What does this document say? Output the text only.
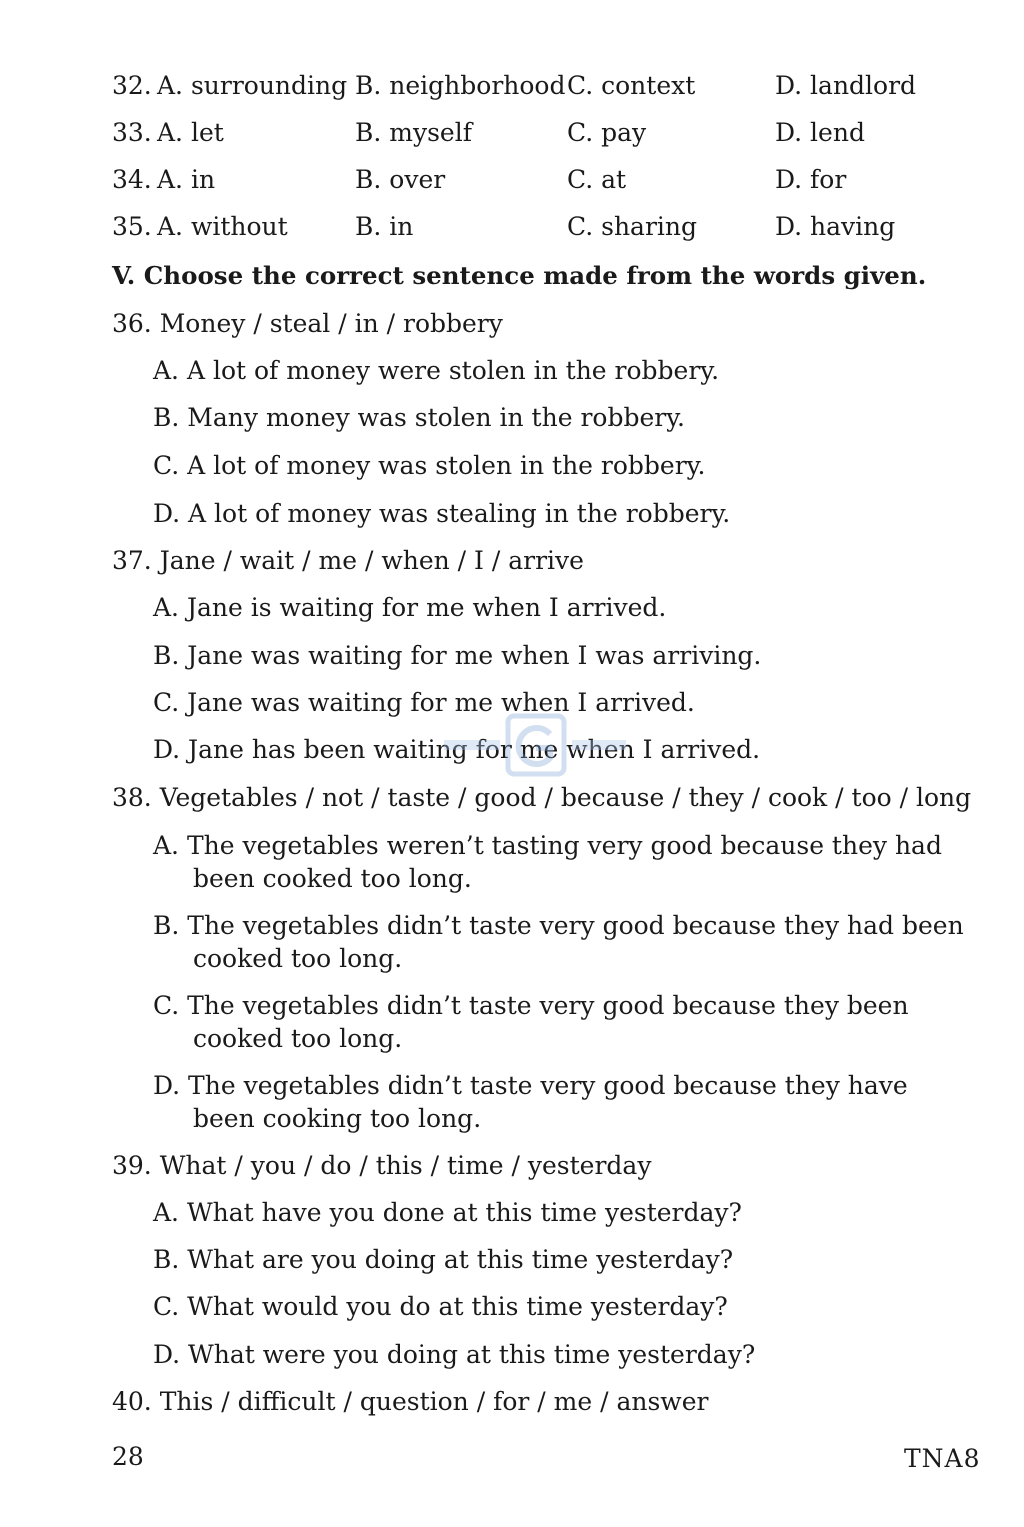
32. A. surrounding B. neighborhood C. context	D. landlord
33. A. let	B. myself	C. pay	D. lend
34. A. in	B. over	C. at	D. for
35. A. without	B. in	C. sharing	D. having
V. Choose the correct sentence made from the words given.
36. Money / steal / in / robbery
A. A lot of money were stolen in the robbery.
B. Many money was stolen in the robbery.
C. A lot of money was stolen in the robbery.
D. A lot of money was stealing in the robbery.
37. Jane / wait / me / when / I / arrive
A. Jane is waiting for me when I arrived.
B. Jane was waiting for me when I was arriving.
C. Jane was waiting for me when I arrived.
D. Jane has been waiting for me when I arrived.
38. Vegetables / not / taste / good / because / they / cook / too / long
A. The vegetables weren’t tasting very good because they had
been cooked too long.
B. The vegetables didn’t taste very good because they had been
cooked too long.
C. The vegetables didn’t taste very good because they been
cooked too long.
D. The vegetables didn’t taste very good because they have
been cooking too long.
39. What / you / do / this / time / yesterday
A. What have you done at this time yesterday?
B. What are you doing at this time yesterday?
C. What would you do at this time yesterday?
D. What were you doing at this time yesterday?
40. This / difficult / question / for / me / answer
28	TNA8
